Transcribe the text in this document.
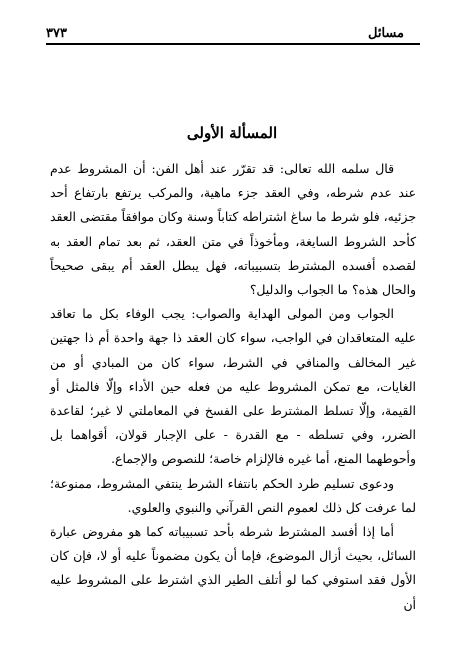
مسائل
٣٧٣
المسألة الأولى

قال سلمه الله تعالى: قد تقرّر عند أهل الفن: أن المشروط عدم عند عدم شرطه، وفي العقد جزء ماهية، والمركب يرتفع بارتفاع أحد جزئيه، فلو شرط ما ساغ اشتراطه كتاباً وسنة وكان موافقاً مقتضى العقد كأحد الشروط السايغة، ومأخوذاً في متن العقد، ثم بعد تمام العقد به لقصده أفسده المشترط بتسبيباته، فهل يبطل العقد أم يبقى صحيحاً والحال هذه؟ ما الجواب والدليل؟

الجواب ومن المولى الهداية والصواب: يجب الوفاء بكل ما تعاقد عليه المتعاقدان في الواجب، سواء كان العقد ذا جهة واحدة أم ذا جهتين غير المخالف والمنافي في الشرط، سواء كان من المبادي أو من الغايات، مع تمكن المشروط عليه من فعله حين الأداء وإلّا فالمثل أو القيمة، وإلّا تسلط المشترط على الفسخ في المعاملتي لا غير؛ لقاعدة الضرر، وفي تسلطه - مع القدرة - على الإجبار قولان، أقواهما بل وأحوطهما المنع، أما غيره فالإلزام خاصة؛ للنصوص والإجماع.

ودعوى تسليم طرد الحكم بانتفاء الشرط ينتفي المشروط، ممنوعة؛ لما عرفت كل ذلك لعموم النص القرآني والنبوي والعلوي.

أما إذا أفسد المشترط شرطه بأحد تسبيباته كما هو مفروض عبارة السائل، بحيث أزال الموضوع، فإما أن يكون مضموناً عليه أو لا، فإن كان الأول فقد استوفي كما لو أتلف الطير الذي اشترط على المشروط عليه أن
